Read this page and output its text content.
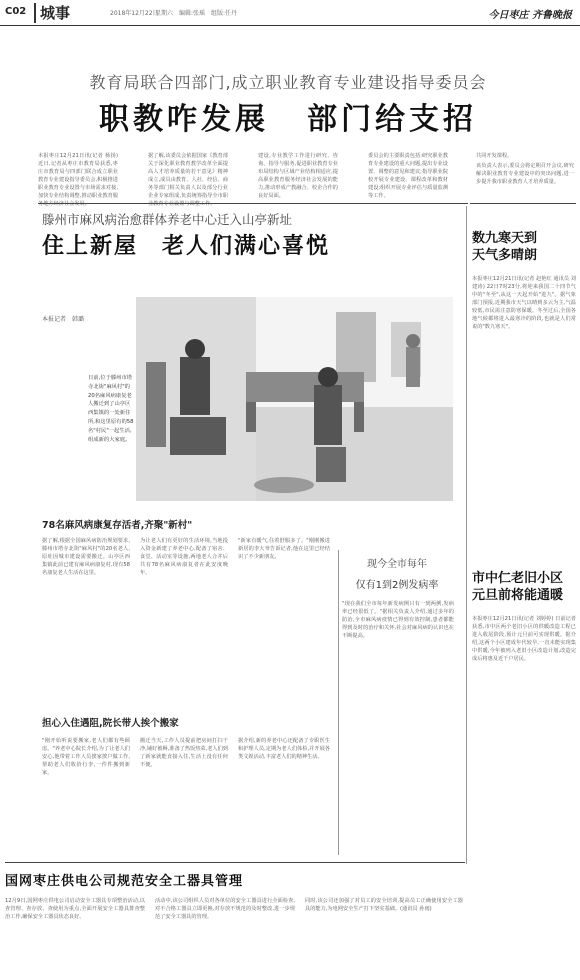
C02 城事	2018年12月22日
星期六　编辑:张瑶　组版:任丹	今日枣庄 齐鲁晚报
教育局联合四部门,成立职业教育专业建设指导委员会
职教咋发展 部门给支招
本报枣庄12月21日讯(记者 杨扬) 近日,记者从枣庄市教育局获悉,枣庄市教育局与四部门联合成立职业教育专业建设指导委员会,积极推进职业教育专业设置与市场需求对接,加快专业结构调整,推动职业教育服务地方经济社会发展。
据了解,该委员会依据国家《教育部关于深化职业教育教学改革全面提高人才培养质量的若干意见》精神成立,成员由教育、人社、经信、商务等部门相关负责人以及部分行业企业专家组成,负责统筹指导全市职业教育专业设置与调整工作。
建设,专业教学工作进行研究、咨询、指导与服务,促进职业教育专业布局结构与区域产业结构相适应,提高职业教育服务经济社会发展的能力,推动形成产教融合、校企合作的良好局面。
委员会的主要职责包括:研究职业教育专业建设的重大问题,提出专业设置、调整的意见和建议;指导职业院校开展专业建设、课程改革和教材建设;组织开展专业评估与质量监测等工作。
共同开发课程。
该负责人表示,委员会将定期召开会议,研究解决职业教育专业建设中的突出问题,进一步提升我市职业教育人才培养质量。
滕州市麻风病治愈群体养老中心迁入山亭新址
住上新屋 老人们满心喜悦
本报记者　韩璐
日前,位于滕州市塔寺北街"麻风村"的20名麻风病康复老人搬迁到了山亭区西集镇的一处新住所,和这里原有的58名"村民"一起生活,组成新的大家庭。
78名麻风病康复存活者,齐聚"新村"
据了解,根据全国麻风病防治规划要求,滕州市塔寺北街"麻风村"的20名老人,原址因城市建设需要搬迁。山亭区西集镇此前已建有麻风病康复村,现有58名康复老人生活在这里。
为让老人们有更好的生活环境,当地投入资金新建了养老中心,配备了宿舍、食堂、活动室等设施,两地老人合并后共有78名麻风病康复者在此安度晚年。
"新家有暖气,住着舒服多了。"刚刚搬进新居的李大爷告诉记者,他在这里已经结识了不少新朋友。
担心入住遇阻,院长带人挨个搬家
"刚开始听说要搬家,老人们都有些顾虑。"养老中心院长介绍,为了让老人们安心,他带着工作人员挨家挨户做工作,帮助老人们收拾行李,一件件搬到新家。
搬迁当天,工作人员提前把房间打扫干净,铺好被褥,准备了热饭热菜,老人们到了新家就能直接入住,生活上没有任何不便。
据介绍,新的养老中心还配备了专职医生和护理人员,定期为老人们体检,并开展各类文娱活动,丰富老人们的精神生活。
现今全市每年
仅有1到2例发病率
"现在我们全市每年新发病例只有一到两例,发病率已经很低了。"据相关负责人介绍,通过多年的防治,全市麻风病疫情已得到有效控制,患者都能得到及时的治疗和关怀,社会对麻风病的认识也在不断提高。
数九寒天到
天气多晴朗
本报枣庄12月21日讯(记者 赵艳红 通讯员 刘建涛) 22日7时23分,将迎来我国二十四节气中的"冬至",从这一天起开始"进九"。据气象部门预报,近期我市天气以晴到多云为主,气温较低,市民需注意防寒保暖。冬至过后,全国各地气候都将进入最寒冷的阶段,也就是人们常说的"数九寒天"。
市中仁老旧小区
元旦前将能通暖
本报枣庄12月21日讯(记者 刘婷婷) 日前记者获悉,市中区两个老旧小区的供暖改造工程已进入收尾阶段,预计元旦前可实现供暖。据介绍,这两个小区建成年代较早,一直未能实现集中供暖,今年被列入老旧小区改造计划,改造完成后将惠及近千户居民。
国网枣庄供电公司规范安全工器具管理
12月9日,国网枣庄供电公司启动安全工器具专项整治活动,以查管理、查存放、查使用为重点,全面开展安全工器具排查整治工作,确保安全工器具状态良好。
活动中,该公司组织人员对各单位的安全工器具进行全面检查,对不合格工器具立即更换,对存放不规范的及时整改,进一步规范了安全工器具的管理。
同时,该公司还加强了对员工的安全培训,提高员工正确使用安全工器具的能力,为电网安全生产打下坚实基础。(通讯员 孙雨)
